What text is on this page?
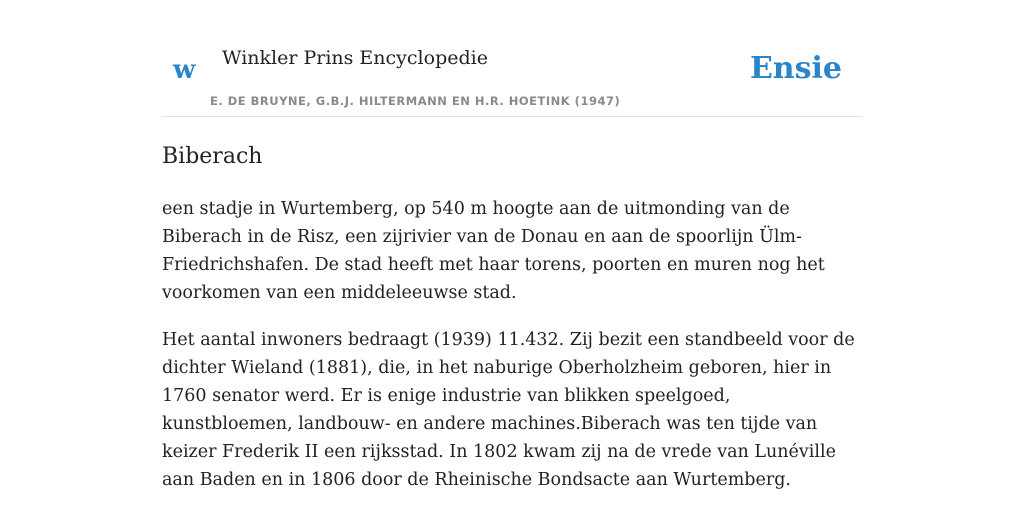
w Winkler Prins Encyclopedie
E. DE BRUYNE, G.B.J. HILTERMANN EN H.R. HOETINK (1947)
Ensie
Biberach

een stadje in Wurtemberg, op 540 m hoogte aan de uitmonding van de Biberach in de Risz, een zijrivier van de Donau en aan de spoorlijn Ülm-Friedrichshafen. De stad heeft met haar torens, poorten en muren nog het voorkomen van een middeleeuwse stad.

Het aantal inwoners bedraagt (1939) 11.432. Zij bezit een standbeeld voor de dichter Wieland (1881), die, in het naburige Oberholzheim geboren, hier in 1760 senator werd. Er is enige industrie van blikken speelgoed, kunstbloemen, landbouw- en andere machines.Biberach was ten tijde van keizer Frederik II een rijksstad. In 1802 kwam zij na de vrede van Lunéville aan Baden en in 1806 door de Rheinische Bondsacte aan Wurtemberg.
